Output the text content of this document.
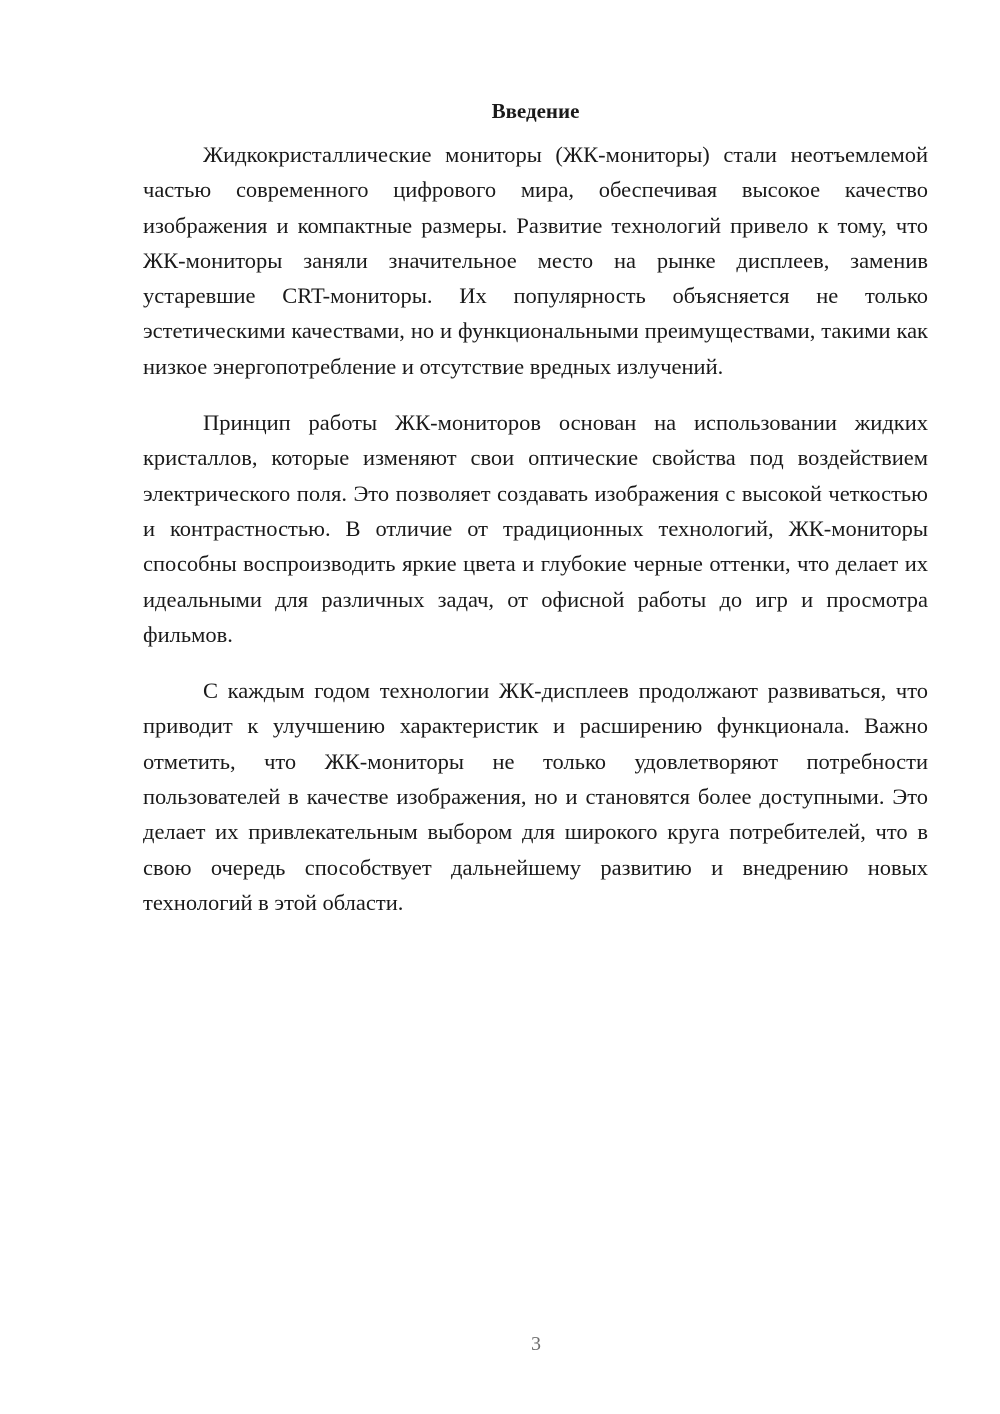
Введение

Жидкокристаллические мониторы (ЖК-мониторы) стали неотъемлемой частью современного цифрового мира, обеспечивая высокое качество изображения и компактные размеры. Развитие технологий привело к тому, что ЖК-мониторы заняли значительное место на рынке дисплеев, заменив устаревшие CRT-мониторы. Их популярность объясняется не только эстетическими качествами, но и функциональными преимуществами, такими как низкое энергопотребление и отсутствие вредных излучений.

Принцип работы ЖК-мониторов основан на использовании жидких кристаллов, которые изменяют свои оптические свойства под воздействием электрического поля. Это позволяет создавать изображения с высокой четкостью и контрастностью. В отличие от традиционных технологий, ЖК-мониторы способны воспроизводить яркие цвета и глубокие черные оттенки, что делает их идеальными для различных задач, от офисной работы до игр и просмотра фильмов.

С каждым годом технологии ЖК-дисплеев продолжают развиваться, что приводит к улучшению характеристик и расширению функционала. Важно отметить, что ЖК-мониторы не только удовлетворяют потребности пользователей в качестве изображения, но и становятся более доступными. Это делает их привлекательным выбором для широкого круга потребителей, что в свою очередь способствует дальнейшему развитию и внедрению новых технологий в этой области.

3
